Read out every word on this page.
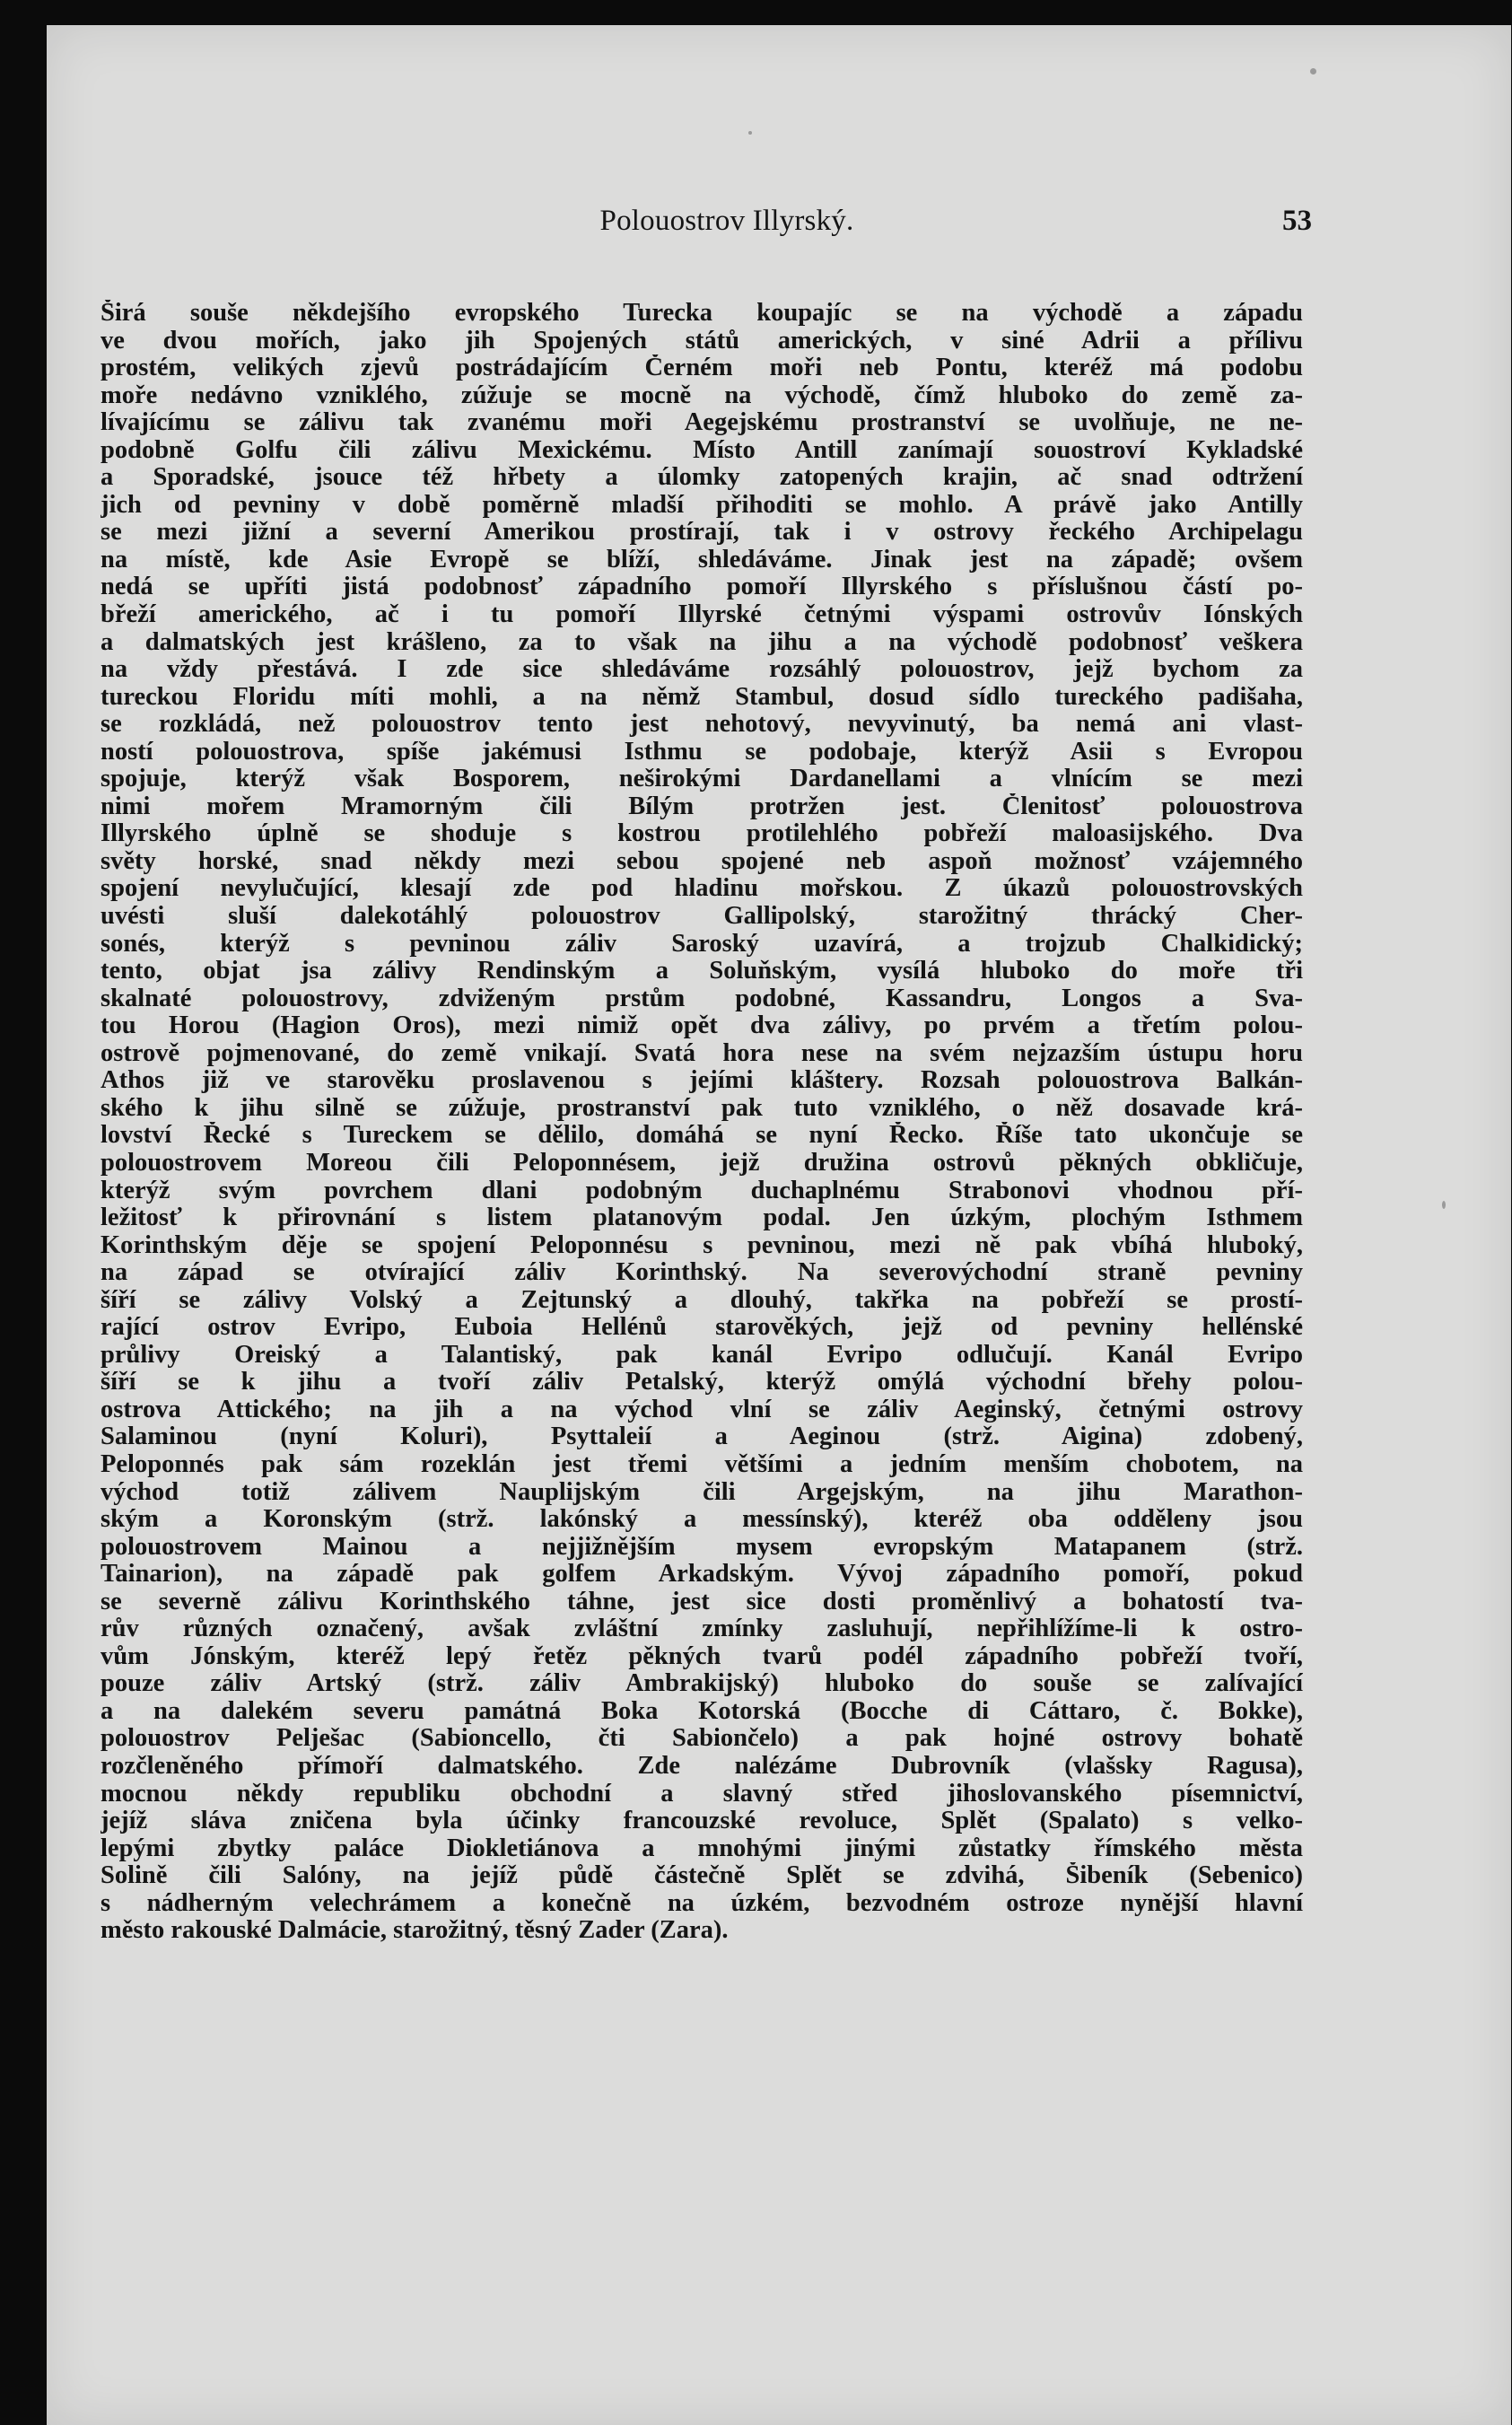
Polouostrov Illyrský.	53
Širá souše někdejšího evropského Turecka koupajíc se na východě a západu
ve dvou mořích, jako jih Spojených států amerických, v siné Adrii a přílivu
prostém, velikých zjevů postrádajícím Černém moři neb Pontu, kteréž má podobu
moře nedávno vzniklého, zúžuje se mocně na východě, čímž hluboko do země za-
lívajícímu se zálivu tak zvanému moři Aegejskému prostranství se uvolňuje, ne ne-
podobně Golfu čili zálivu Mexickému. Místo Antill zanímají souostroví Kykladské
a Sporadské, jsouce též hřbety a úlomky zatopených krajin, ač snad odtržení
jich od pevniny v době poměrně mladší přihoditi se mohlo. A právě jako Antilly
se mezi jižní a severní Amerikou prostírají, tak i v ostrovy řeckého Archipelagu
na místě, kde Asie Evropě se blíží, shledáváme. Jinak jest na západě; ovšem
nedá se upříti jistá podobnosť západního pomoří Illyrského s příslušnou částí po-
břeží amerického, ač i tu pomoří Illyrské četnými výspami ostrovův Iónských
a dalmatských jest krášleno, za to však na jihu a na východě podobnosť veškera
na vždy přestává. I zde sice shledáváme rozsáhlý polouostrov, jejž bychom za
tureckou Floridu míti mohli, a na němž Stambul, dosud sídlo tureckého padišaha,
se rozkládá, než polouostrov tento jest nehotový, nevyvinutý, ba nemá ani vlast-
ností polouostrova, spíše jakémusi Isthmu se podobaje, kterýž Asii s Evropou
spojuje, kterýž však Bosporem, neširokými Dardanellami a vlnícím se mezi
nimi mořem Mramorným čili Bílým protržen jest. Členitosť polouostrova
Illyrského úplně se shoduje s kostrou protilehlého pobřeží maloasijského. Dva
světy horské, snad někdy mezi sebou spojené neb aspoň možnosť vzájemného
spojení nevylučující, klesají zde pod hladinu mořskou. Z úkazů polouostrovských
uvésti sluší dalekotáhlý polouostrov Gallipolský, starožitný thrácký Cher-
sonés, kterýž s pevninou záliv Saroský uzavírá, a trojzub Chalkidický;
tento, objat jsa zálivy Rendinským a Soluňským, vysílá hluboko do moře tři
skalnaté polouostrovy, zdviženým prstům podobné, Kassandru, Longos a Sva-
tou Horou (Hagion Oros), mezi nimiž opět dva zálivy, po prvém a třetím polou-
ostrově pojmenované, do země vnikají. Svatá hora nese na svém nejzazším ústupu horu
Athos již ve starověku proslavenou s jejími kláštery. Rozsah polouostrova Balkán-
ského k jihu silně se zúžuje, prostranství pak tuto vzniklého, o něž dosavade krá-
lovství Řecké s Tureckem se dělilo, domáhá se nyní Řecko. Říše tato ukončuje se
polouostrovem Moreou čili Peloponnésem, jejž družina ostrovů pěkných obkličuje,
kterýž svým povrchem dlani podobným duchaplnému Strabonovi vhodnou pří-
ležitosť k přirovnání s listem platanovým podal. Jen úzkým, plochým Isthmem
Korinthským děje se spojení Peloponnésu s pevninou, mezi ně pak vbíhá hluboký,
na západ se otvírající záliv Korinthský. Na severovýchodní straně pevniny
šíří se zálivy Volský a Zejtunský a dlouhý, takřka na pobřeží se prostí-
rající ostrov Evripo, Euboia Hellénů starověkých, jejž od pevniny hellénské
průlivy Oreiský a Talantiský, pak kanál Evripo odlučují. Kanál Evripo
šíří se k jihu a tvoří záliv Petalský, kterýž omýlá východní břehy polou-
ostrova Attického; na jih a na východ vlní se záliv Aeginský, četnými ostrovy
Salaminou (nyní Koluri), Psyttaleií a Aeginou (strž. Aigina) zdobený,
Peloponnés pak sám rozeklán jest třemi většími a jedním menším chobotem, na
východ totiž zálivem Nauplijským čili Argejským, na jihu Marathon-
ským a Koronským (strž. lakónský a messínský), kteréž oba odděleny jsou
polouostrovem Mainou a nejjižnějším mysem evropským Matapanem (strž.
Tainarion), na západě pak golfem Arkadským. Vývoj západního pomoří, pokud
se severně zálivu Korinthského táhne, jest sice dosti proměnlivý a bohatostí tva-
rův různých označený, avšak zvláštní zmínky zasluhují, nepřihlížíme-li k ostro-
vům Jónským, kteréž lepý řetěz pěkných tvarů podél západního pobřeží tvoří,
pouze záliv Artský (strž. záliv Ambrakijský) hluboko do souše se zalívající
a na dalekém severu památná Boka Kotorská (Bocche di Cáttaro, č. Bokke),
polouostrov Pelješac (Sabioncello, čti Sabiončelo) a pak hojné ostrovy bohatě
rozčleněného přímoří dalmatského. Zde nalézáme Dubrovník (vlašsky Ragusa),
mocnou někdy republiku obchodní a slavný střed jihoslovanského písemnictví,
jejíž sláva zničena byla účinky francouzské revoluce, Splět (Spalato) s velko-
lepými zbytky paláce Diokletiánova a mnohými jinými zůstatky římského města
Solině čili Salóny, na jejíž půdě částečně Splět se zdvihá, Šibeník (Sebenico)
s nádherným velechrámem a konečně na úzkém, bezvodném ostroze nynější hlavní
město rakouské Dalmácie, starožitný, těsný Zader (Zara).
